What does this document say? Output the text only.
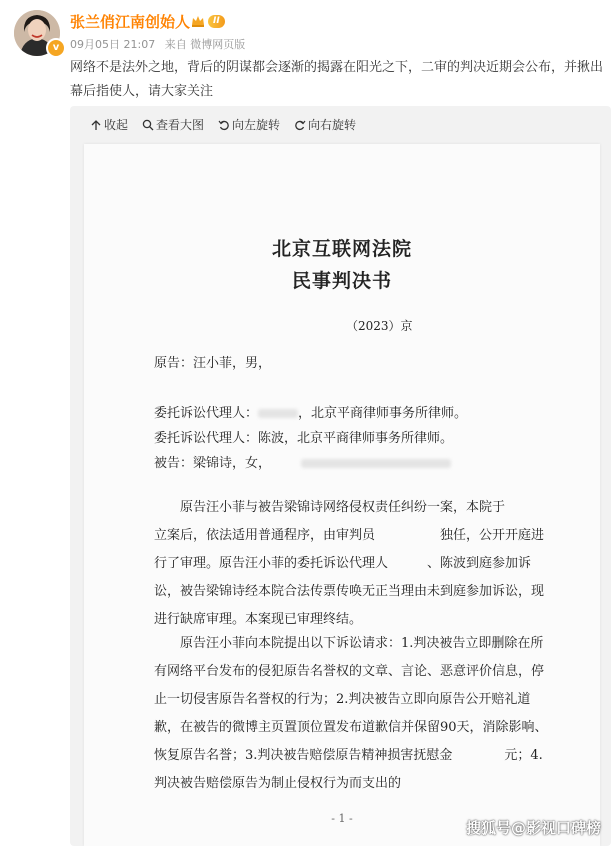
v
张兰俏江南创始人	II
09月05日 21:07 来自 微博网页版
网络不是法外之地，背后的阴谋都会逐渐的揭露在阳光之下，二审的判决近期会公布，并揪出幕后指使人，请大家关注
收起 查看大图 向左旋转 向右旋转
北京互联网法院
民事判决书
（2023）京
原告：汪小菲，男，
委托诉讼代理人：	，北京平商律师事务所律师。
委托诉讼代理人：陈波，北京平商律师事务所律师。
被告：梁锦诗，女，
原告汪小菲与被告梁锦诗网络侵权责任纠纷一案，本院于　　　　立案后，依法适用普通程序，由审判员　　　　　独任，公开开庭进行了审理。原告汪小菲的委托诉讼代理人　　　、陈波到庭参加诉讼，被告梁锦诗经本院合法传票传唤无正当理由未到庭参加诉讼，现进行缺席审理。本案现已审理终结。
原告汪小菲向本院提出以下诉讼请求：1.判决被告立即删除在所有网络平台发布的侵犯原告名誉权的文章、言论、恶意评价信息，停止一切侵害原告名誉权的行为；2.判决被告立即向原告公开赔礼道歉，在被告的微博主页置顶位置发布道歉信并保留90天，消除影响、恢复原告名誉；3.判决被告赔偿原告精神损害抚慰金　　　　元；4.判决被告赔偿原告为制止侵权行为而支出的
- 1 -
搜狐号@影视口碑榜
